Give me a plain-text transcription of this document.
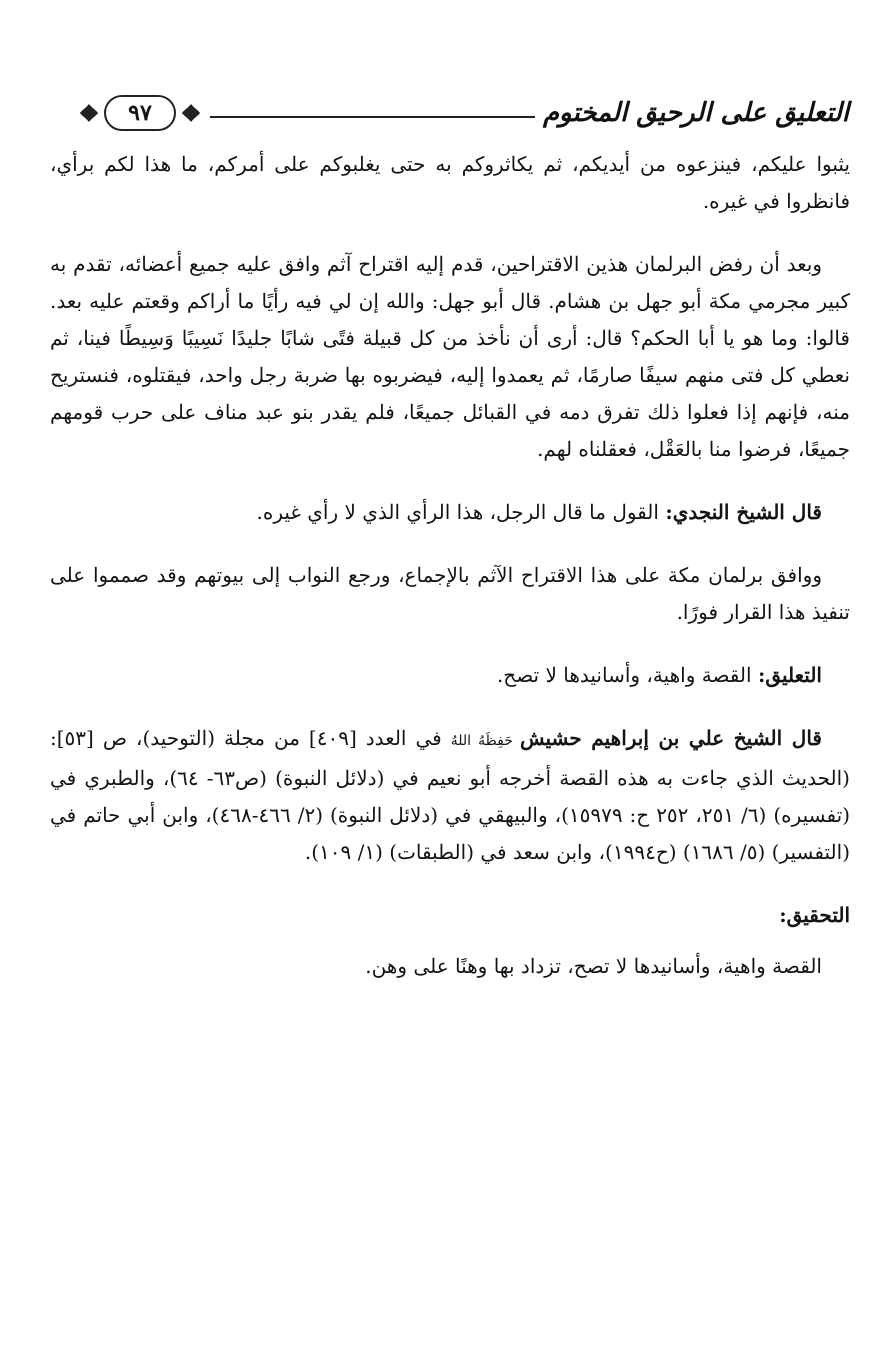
التعليق على الرحيق المختوم
٩٧

يثبوا عليكم، فينزعوه من أيديكم، ثم يكاثروكم به حتى يغلبوكم على أمركم، ما هذا لكم برأي، فانظروا في غيره.

وبعد أن رفض البرلمان هذين الاقتراحين، قدم إليه اقتراح آثم وافق عليه جميع أعضائه، تقدم به كبير مجرمي مكة أبو جهل بن هشام. قال أبو جهل: والله إن لي فيه رأيًا ما أراكم وقعتم عليه بعد. قالوا: وما هو يا أبا الحكم؟ قال: أرى أن نأخذ من كل قبيلة فتًى شابًا جليدًا نَسِيبًا وَسِيطًا فينا، ثم نعطي كل فتى منهم سيفًا صارمًا، ثم يعمدوا إليه، فيضربوه بها ضربة رجل واحد، فيقتلوه، فنستريح منه، فإنهم إذا فعلوا ذلك تفرق دمه في القبائل جميعًا، فلم يقدر بنو عبد مناف على حرب قومهم جميعًا، فرضوا منا بالعَقْل، فعقلناه لهم.

قال الشيخ النجدي: القول ما قال الرجل، هذا الرأي الذي لا رأي غيره.

ووافق برلمان مكة على هذا الاقتراح الآثم بالإجماع، ورجع النواب إلى بيوتهم وقد صمموا على تنفيذ هذا القرار فورًا.

التعليق: القصة واهية، وأسانيدها لا تصح.

قال الشيخ علي بن إبراهيم حشيش حَفِظَهُ اللهُ في العدد [٤٠٩] من مجلة (التوحيد)، ص [٥٣]: (الحديث الذي جاءت به هذه القصة أخرجه أبو نعيم في (دلائل النبوة) (ص٦٣- ٦٤)، والطبري في (تفسيره) (٦/ ٢٥١، ٢٥٢ ح: ١٥٩٧٩)، والبيهقي في (دلائل النبوة) (٢/ ٤٦٦-٤٦٨)، وابن أبي حاتم في (التفسير) (٥/ ١٦٨٦) (ح١٩٩٤)، وابن سعد في (الطبقات) (١/ ١٠٩).

التحقيق:

القصة واهية، وأسانيدها لا تصح، تزداد بها وهنًا على وهن.
